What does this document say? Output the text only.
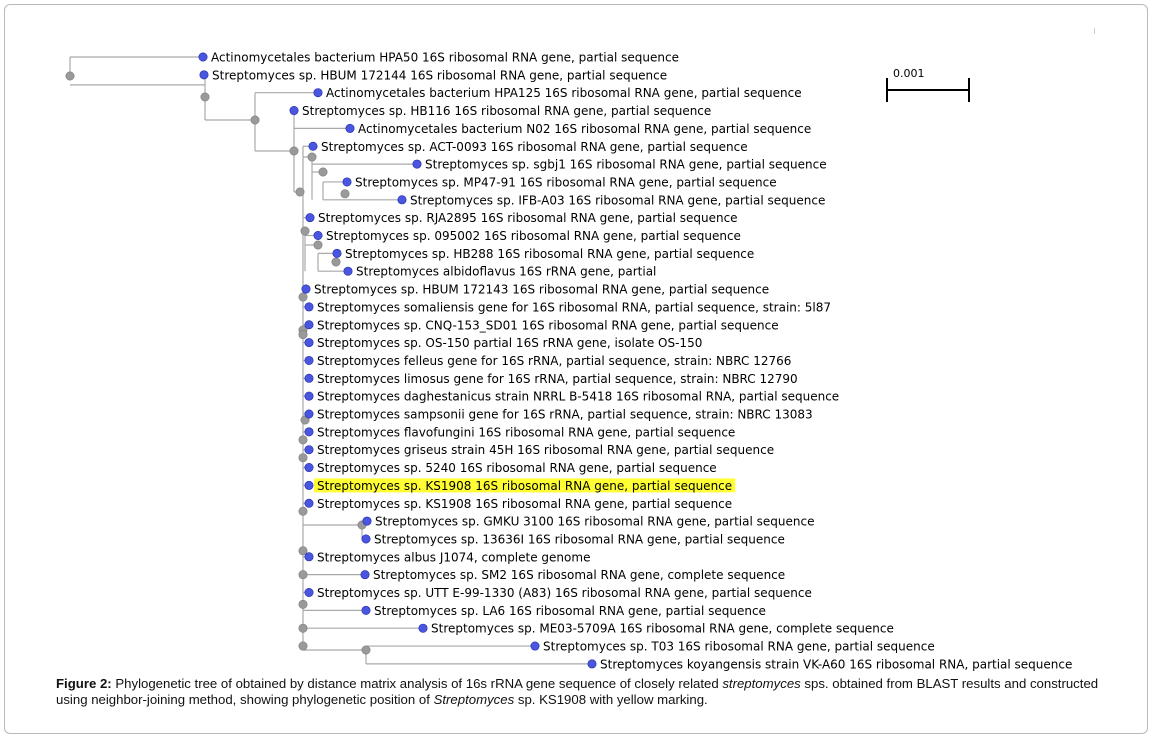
Actinomycetales bacterium HPA50 16S ribosomal RNA gene, partial sequence
Streptomyces sp. HBUM 172144 16S ribosomal RNA gene, partial sequence
Actinomycetales bacterium HPA125 16S ribosomal RNA gene, partial sequence
Streptomyces sp. HB116 16S ribosomal RNA gene, partial sequence
Actinomycetales bacterium N02 16S ribosomal RNA gene, partial sequence
Streptomyces sp. ACT-0093 16S ribosomal RNA gene, partial sequence
Streptomyces sp. sgbj1 16S ribosomal RNA gene, partial sequence
Streptomyces sp. MP47-91 16S ribosomal RNA gene, partial sequence
Streptomyces sp. IFB-A03 16S ribosomal RNA gene, partial sequence
Streptomyces sp. RJA2895 16S ribosomal RNA gene, partial sequence
Streptomyces sp. 095002 16S ribosomal RNA gene, partial sequence
Streptomyces sp. HB288 16S ribosomal RNA gene, partial sequence
Streptomyces albidoflavus 16S rRNA gene, partial
Streptomyces sp. HBUM 172143 16S ribosomal RNA gene, partial sequence
Streptomyces somaliensis gene for 16S ribosomal RNA, partial sequence, strain: 5l87
Streptomyces sp. CNQ-153_SD01 16S ribosomal RNA gene, partial sequence
Streptomyces sp. OS-150 partial 16S rRNA gene, isolate OS-150
Streptomyces felleus gene for 16S rRNA, partial sequence, strain: NBRC 12766
Streptomyces limosus gene for 16S rRNA, partial sequence, strain: NBRC 12790
Streptomyces daghestanicus strain NRRL B-5418 16S ribosomal RNA, partial sequence
Streptomyces sampsonii gene for 16S rRNA, partial sequence, strain: NBRC 13083
Streptomyces flavofungini 16S ribosomal RNA gene, partial sequence
Streptomyces griseus strain 45H 16S ribosomal RNA gene, partial sequence
Streptomyces sp. 5240 16S ribosomal RNA gene, partial sequence
Streptomyces sp. KS1908 16S ribosomal RNA gene, partial sequence
Streptomyces sp. KS1908 16S ribosomal RNA gene, partial sequence
Streptomyces sp. GMKU 3100 16S ribosomal RNA gene, partial sequence
Streptomyces sp. 13636I 16S ribosomal RNA gene, partial sequence
Streptomyces albus J1074, complete genome
Streptomyces sp. SM2 16S ribosomal RNA gene, complete sequence
Streptomyces sp. UTT E-99-1330 (A83) 16S ribosomal RNA gene, partial sequence
Streptomyces sp. LA6 16S ribosomal RNA gene, partial sequence
Streptomyces sp. ME03-5709A 16S ribosomal RNA gene, complete sequence
Streptomyces sp. T03 16S ribosomal RNA gene, partial sequence
Streptomyces koyangensis strain VK-A60 16S ribosomal RNA, partial sequence
0.001
Figure 2: Phylogenetic tree of obtained by distance matrix analysis of 16s rRNA gene sequence of closely related streptomyces sps. obtained from BLAST results and constructed using neighbor-joining method, showing phylogenetic position of Streptomyces sp. KS1908 with yellow marking.
